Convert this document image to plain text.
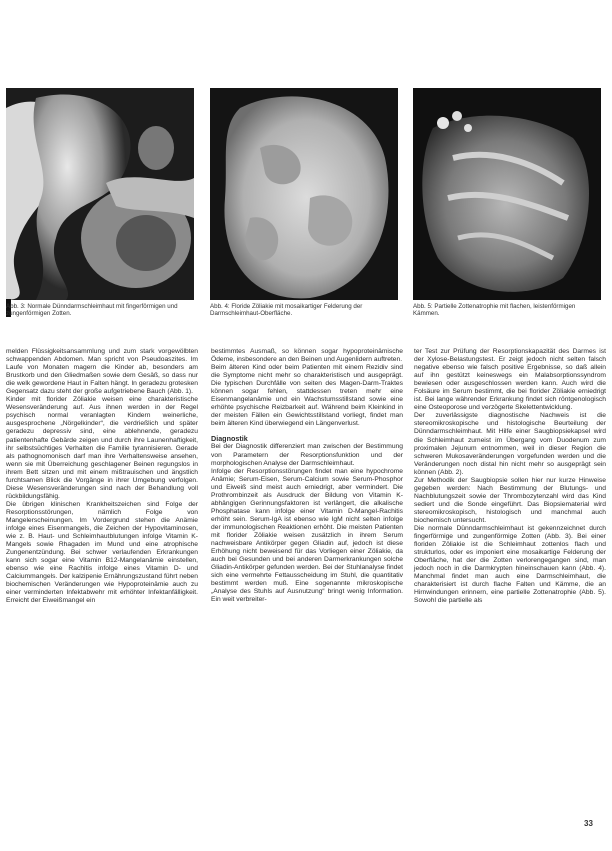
Abb. 3: Normale Dünndarmschleimhaut mit fingerförmigen und zungenförmigen Zotten.
Abb. 4: Floride Zöliakie mit mosaikartiger Felderung der Darmschleimhaut-Oberfläche.
Abb. 5: Partielle Zottenatrophie mit flachen, leistenförmigen Kämmen.

melden Flüssigkeitsansammlung und zum stark vorgewölbten schwappenden Abdomen. Man spricht von Pseudoaszites. Im Laufe von Monaten magern die Kinder ab, besonders am Brustkorb und den Gliedmaßen sowie dem Gesäß, so dass nur die welk gewordene Haut in Falten hängt. In geradezu grotesken Gegensatz dazu steht der große aufgetriebene Bauch (Abb. 1).

Kinder mit florider Zöliakie weisen eine charakteristische Wesensveränderung auf. Aus ihnen werden in der Regel psychisch normal veranlagten Kindern weinerliche, ausgesprochene „Nörgelkinder“, die verdrießlich und später geradezu depressiv sind, eine ablehnende, geradezu patientenhafte Gebärde zeigen und durch ihre Launenhaftigkeit, ihr selbstsüchtiges Verhalten die Familie tyrannisieren. Gerade als pathognomonisch darf man ihre Verhaltensweise ansehen, wenn sie mit Überreichung geschlagener Beinen regungslos in ihrem Bett sitzen und mit einem mißtrauischen und ängstlich furchtsamen Blick die Vorgänge in ihrer Umgebung verfolgen. Diese Wesensveränderungen sind nach der Behandlung voll rückbildungsfähig.

Die übrigen klinischen Krankheitszeichen sind Folge der Resorptionsstörungen, nämlich Folge von Mangelerscheinungen. Im Vordergrund stehen die Anämie infolge eines Eisenmangels, die Zeichen der Hypovitaminosen, wie z. B. Haut- und Schleimhautblutungen infolge Vitamin K-Mangels sowie Rhagaden im Mund und eine atrophische Zungenentzündung. Bei schwer verlaufenden Erkrankungen kann sich sogar eine Vitamin B12-Mangelanämie einstellen, ebenso wie eine Rachitis infolge eines Vitamin D- und Calciummangels. Der kalzipenie Ernährungszustand führt neben biochemischen Veränderungen wie Hypoproteinämie auch zu einer verminderten Infektabwehr mit erhöhter Infektanfälligkeit. Erreicht der Eiweißmangel ein

bestimmtes Ausmaß, so können sogar hypoproteinämische Ödeme, insbesondere an den Beinen und Augenlidern auftreten.

Beim älteren Kind oder beim Patienten mit einem Rezidiv sind die Symptome nicht mehr so charakteristisch und ausgeprägt. Die typischen Durchfälle von seiten des Magen-Darm-Traktes können sogar fehlen, stattdessen treten mehr eine Eisenmangelanämie und ein Wachstumsstillstand sowie eine erhöhte psychische Reizbarkeit auf. Während beim Kleinkind in der meisten Fällen ein Gewichtsstillstand vorliegt, findet man beim älteren Kind überwiegend ein Längenverlust.

Diagnostik

Bei der Diagnostik differenziert man zwischen der Bestimmung von Parametern der Resorptionsfunktion und der morphologischen Analyse der Darmschleimhaut.

Infolge der Resorptionsstörungen findet man eine hypochrome Anämie; Serum-Eisen, Serum-Calcium sowie Serum-Phosphor und Eiweiß sind meist auch erniedrigt, aber vermindert. Die Prothrombinzeit als Ausdruck der Bildung von Vitamin K-abhängigen Gerinnungsfaktoren ist verlängert, die alkalische Phosphatase kann infolge einer Vitamin D-Mangel-Rachitis erhöht sein. Serum-IgA ist ebenso wie IgM nicht selten infolge der immunologischen Reaktionen erhöht. Die meisten Patienten mit florider Zöliakie weisen zusätzlich in ihrem Serum nachweisbare Antikörper gegen Gliadin auf, jedoch ist diese Erhöhung nicht beweisend für das Vorliegen einer Zöliakie, da auch bei Gesunden und bei anderen Darmerkrankungen solche Gliadin-Antikörper gefunden werden. Bei der Stuhlanalyse findet sich eine vermehrte Fettausscheidung im Stuhl, die quantitativ bestimmt werden muß. Eine sogenannte mikroskopische „Analyse des Stuhls auf Ausnutzung“ bringt wenig Information. Ein weit verbreiter-

ter Test zur Prüfung der Resorptionskapazität des Darmes ist der Xylose-Belastungstest. Er zeigt jedoch nicht selten falsch negative ebenso wie falsch positive Ergebnisse, so daß allein auf ihn gestützt keineswegs ein Malabsorptionssyndrom bewiesen oder ausgeschlossen werden kann. Auch wird die Folsäure im Serum bestimmt, die bei florider Zöliakie erniedrigt ist. Bei lange währender Erkrankung findet sich röntgenologisch eine Osteoporose und verzögerte Skelettentwicklung.

Der zuverlässigste diagnostische Nachweis ist die stereomikroskopische und histologische Beurteilung der Dünndarmschleimhaut. Mit Hilfe einer Saugbiopsiekapsel wird die Schleimhaut zumeist im Übergang vom Duodenum zum proximalen Jejunum entnommen, weil in dieser Region die schweren Mukosaveränderungen vorgefunden werden und die Veränderungen noch distal hin nicht mehr so ausgeprägt sein können (Abb. 2).

Zur Methodik der Saugbiopsie sollen hier nur kurze Hinweise gegeben werden: Nach Bestimmung der Blutungs- und Nachblutungszeit sowie der Thrombozytenzahl wird das Kind sediert und die Sonde eingeführt. Das Biopsiematerial wird stereomikroskopisch, histologisch und manchmal auch biochemisch untersucht.

Die normale Dünndarmschleimhaut ist gekennzeichnet durch fingerförmige und zungenförmige Zotten (Abb. 3). Bei einer floriden Zöliakie ist die Schleimhaut zottenlos flach und strukturlos, oder es imponiert eine mosaikartige Felderung der Oberfläche, hat der die Zotten verlorengegangen sind, man jedoch noch in die Darmkrypten hineinschauen kann (Abb. 4). Manchmal findet man auch eine Darmschleimhaut, die charakterisiert ist durch flache Falten und Kämme, die an Hirnwindungen erinnern, eine partielle Zottenatrophie (Abb. 5). Sowohl die partielle als

33
